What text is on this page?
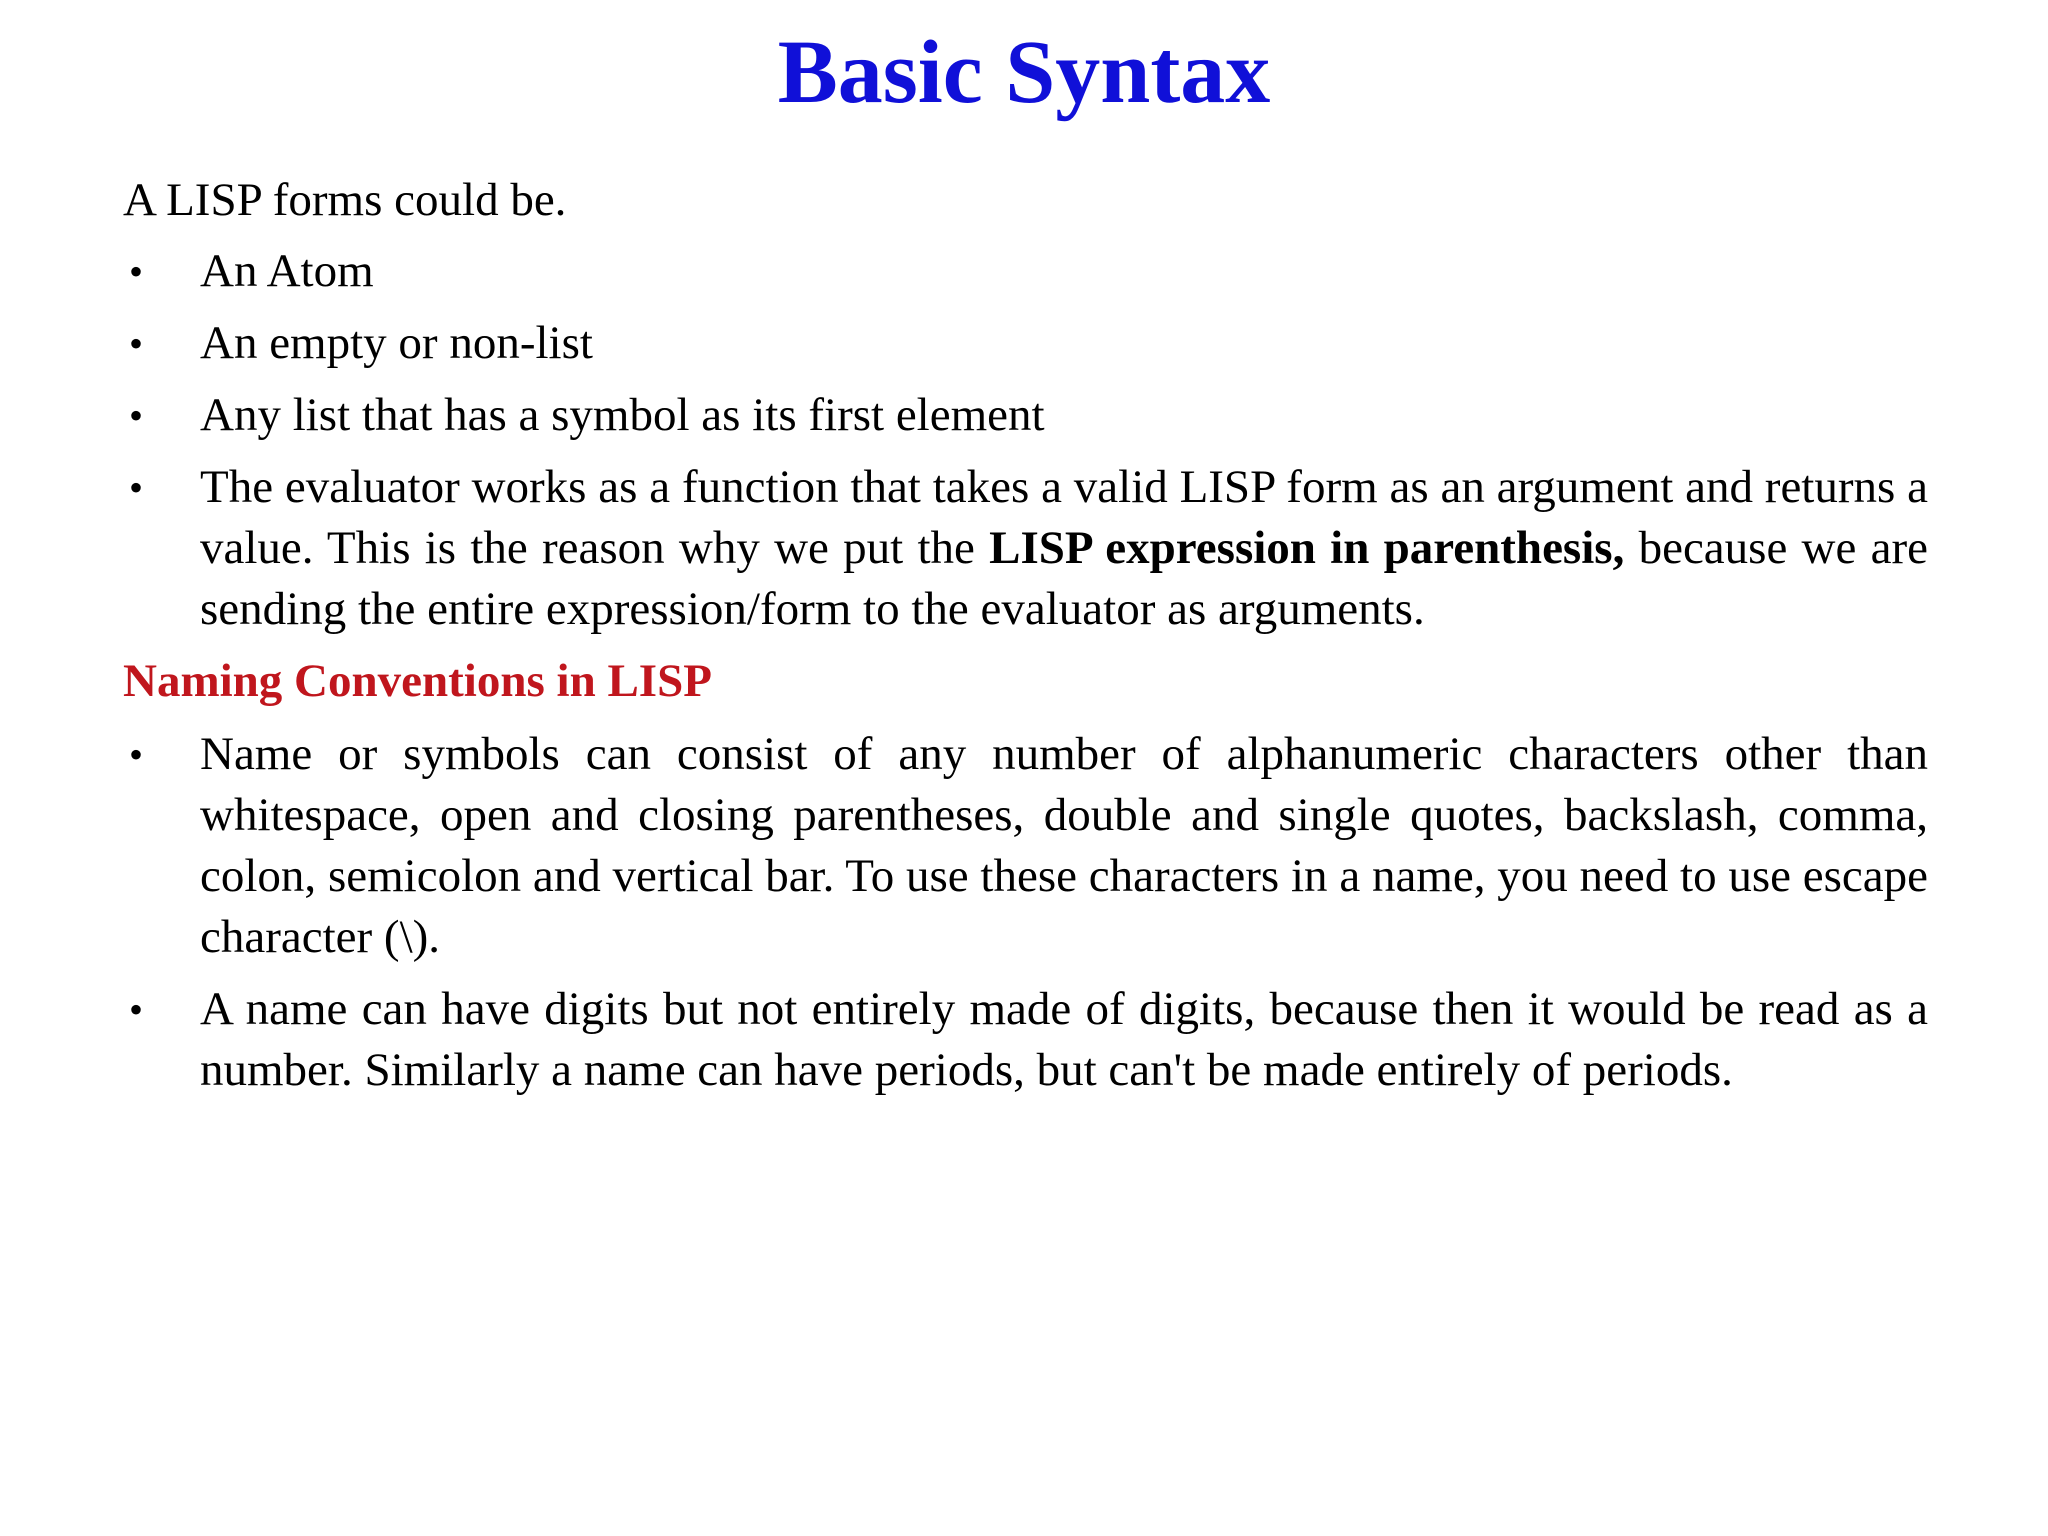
Basic Syntax

A LISP forms could be.

• An Atom
• An empty or non-list
• Any list that has a symbol as its first element
• The evaluator works as a function that takes a valid LISP form as an argument and returns a value. This is the reason why we put the LISP expression in parenthesis, because we are sending the entire expression/form to the evaluator as arguments.

Naming Conventions in LISP

• Name or symbols can consist of any number of alphanumeric characters other than whitespace, open and closing parentheses, double and single quotes, backslash, comma, colon, semicolon and vertical bar. To use these characters in a name, you need to use escape character (\).
• A name can have digits but not entirely made of digits, because then it would be read as a number. Similarly a name can have periods, but can't be made entirely of periods.
